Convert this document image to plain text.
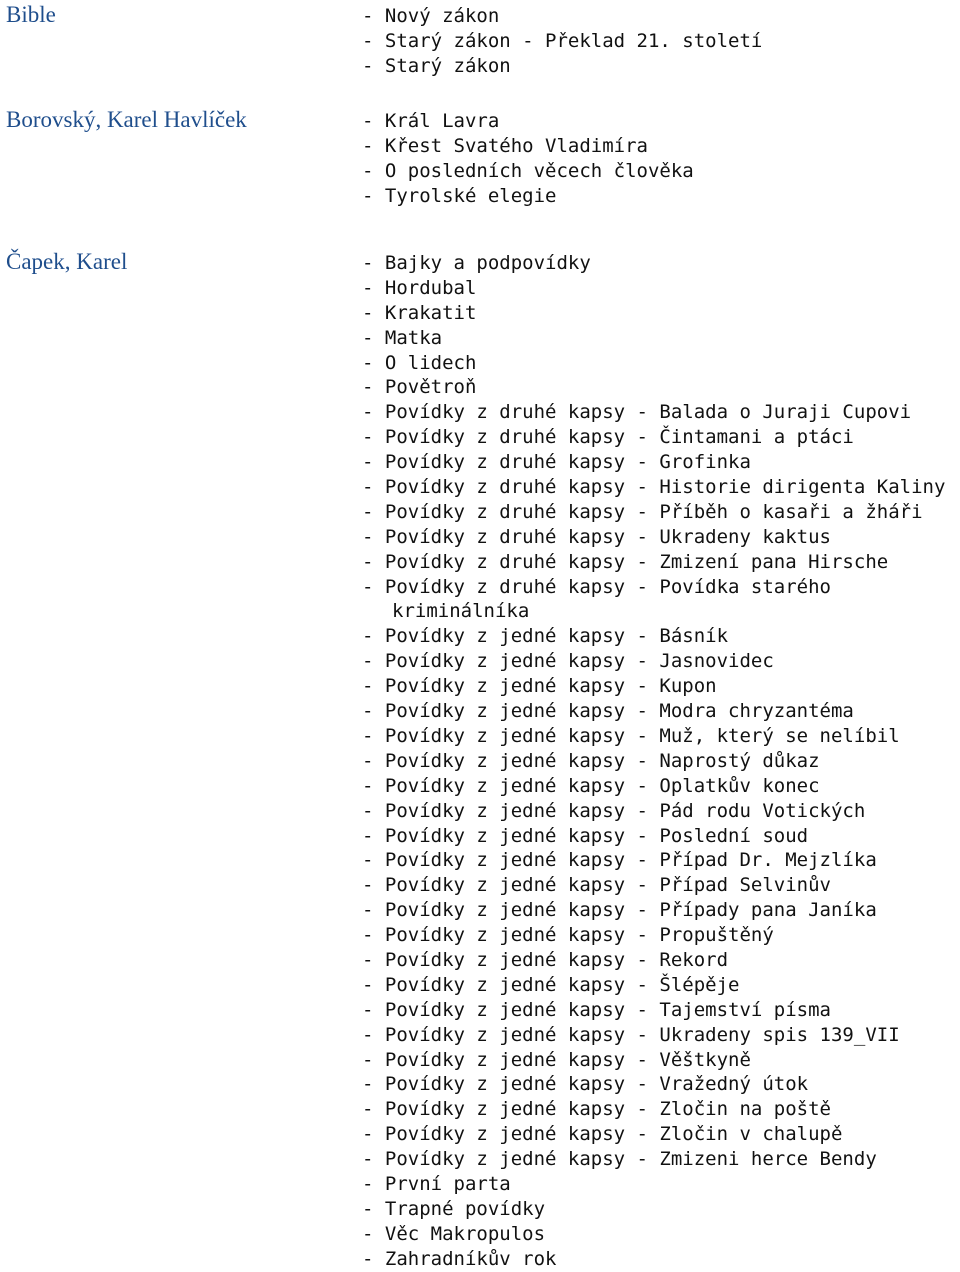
Bible	- Nový zákon
- Starý zákon - Překlad 21. století
- Starý zákon
Borovský, Karel Havlíček	- Král Lavra
- Křest Svatého Vladimíra
- O posledních věcech člověka
- Tyrolské elegie
Čapek, Karel	- Bajky a podpovídky
- Hordubal
- Krakatit
- Matka
- O lidech
- Povětroň
- Povídky z druhé kapsy - Balada o Juraji Cupovi
- Povídky z druhé kapsy - Čintamani a ptáci
- Povídky z druhé kapsy - Grofinka
- Povídky z druhé kapsy - Historie dirigenta Kaliny
- Povídky z druhé kapsy - Příběh o kasaři a žháři
- Povídky z druhé kapsy - Ukradeny kaktus
- Povídky z druhé kapsy - Zmizení pana Hirsche
- Povídky z druhé kapsy - Povídka starého
kriminálníka
- Povídky z jedné kapsy - Básník
- Povídky z jedné kapsy - Jasnovidec
- Povídky z jedné kapsy - Kupon
- Povídky z jedné kapsy - Modra chryzantéma
- Povídky z jedné kapsy - Muž, který se nelíbil
- Povídky z jedné kapsy - Naprostý důkaz
- Povídky z jedné kapsy - Oplatkův konec
- Povídky z jedné kapsy - Pád rodu Votických
- Povídky z jedné kapsy - Poslední soud
- Povídky z jedné kapsy - Případ Dr. Mejzlíka
- Povídky z jedné kapsy - Případ Selvinův
- Povídky z jedné kapsy - Případy pana Janíka
- Povídky z jedné kapsy - Propuštěný
- Povídky z jedné kapsy - Rekord
- Povídky z jedné kapsy - Šlépěje
- Povídky z jedné kapsy - Tajemství písma
- Povídky z jedné kapsy - Ukradeny spis 139_VII
- Povídky z jedné kapsy - Věštkyně
- Povídky z jedné kapsy - Vražedný útok
- Povídky z jedné kapsy - Zločin na poště
- Povídky z jedné kapsy - Zločin v chalupě
- Povídky z jedné kapsy - Zmizeni herce Bendy
- První parta
- Trapné povídky
- Věc Makropulos
- Zahradníkův rok
